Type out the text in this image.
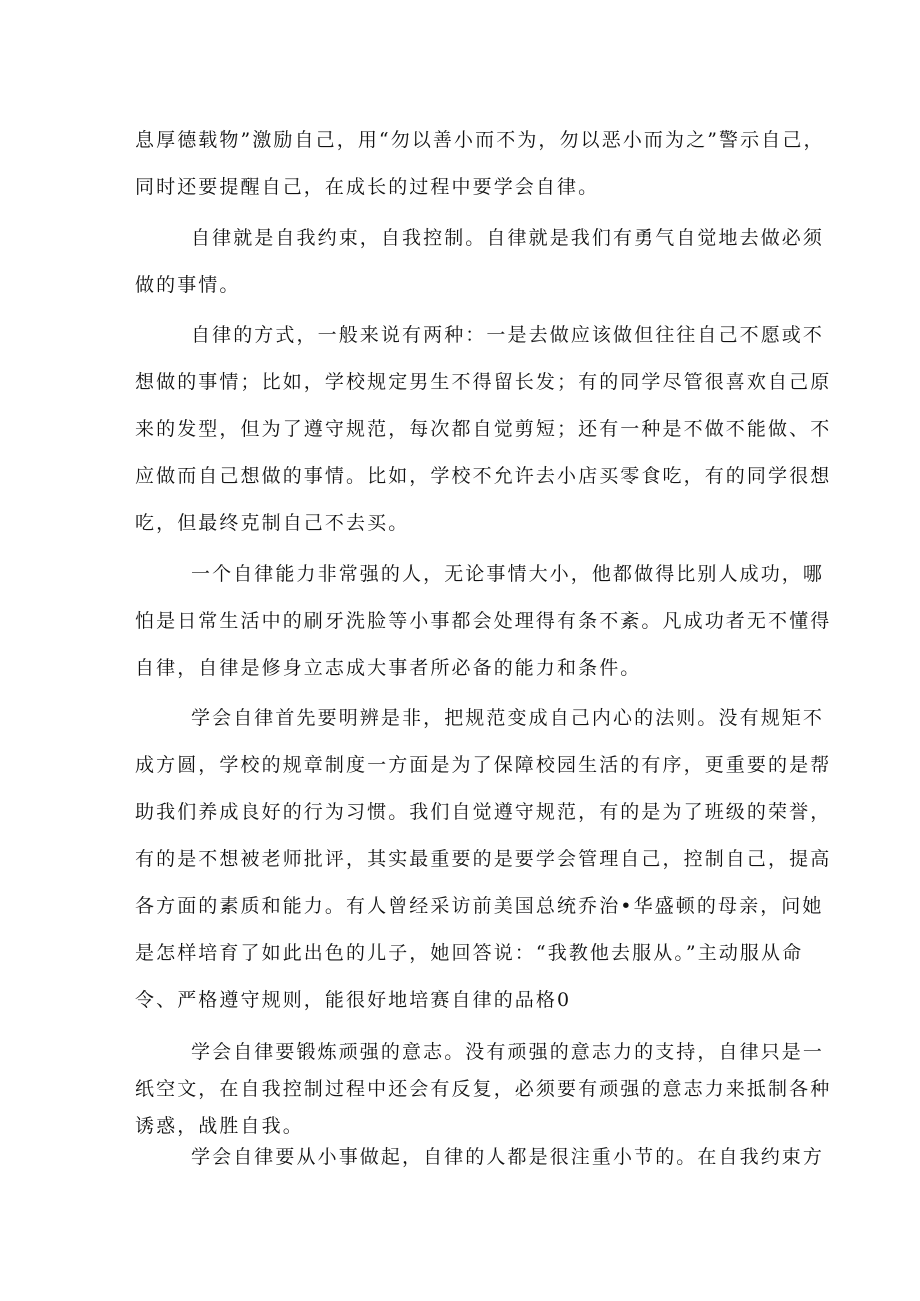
息厚德载物”激励自己，用“勿以善小而不为，勿以恶小而为之”警示自己，
同时还要提醒自己，在成长的过程中要学会自律。
自律就是自我约束，自我控制。自律就是我们有勇气自觉地去做必须
做的事情。
自律的方式，一般来说有两种：一是去做应该做但往往自己不愿或不
想做的事情；比如，学校规定男生不得留长发；有的同学尽管很喜欢自己原
来的发型，但为了遵守规范，每次都自觉剪短；还有一种是不做不能做、不
应做而自己想做的事情。比如，学校不允许去小店买零食吃，有的同学很想
吃，但最终克制自己不去买。
一个自律能力非常强的人，无论事情大小，他都做得比别人成功，哪
怕是日常生活中的刷牙洗脸等小事都会处理得有条不紊。凡成功者无不懂得
自律，自律是修身立志成大事者所必备的能力和条件。
学会自律首先要明辨是非，把规范变成自己内心的法则。没有规矩不
成方圆，学校的规章制度一方面是为了保障校园生活的有序，更重要的是帮
助我们养成良好的行为习惯。我们自觉遵守规范，有的是为了班级的荣誉，
有的是不想被老师批评，其实最重要的是要学会管理自己，控制自己，提高
各方面的素质和能力。有人曾经采访前美国总统乔治•华盛顿的母亲，问她
是怎样培育了如此出色的儿子，她回答说：“我教他去服从。”主动服从命
令、严格遵守规则，能很好地培赛自律的品格0
学会自律要锻炼顽强的意志。没有顽强的意志力的支持，自律只是一
纸空文，在自我控制过程中还会有反复，必须要有顽强的意志力来抵制各种
诱惑，战胜自我。
学会自律要从小事做起，自律的人都是很注重小节的。在自我约束方
